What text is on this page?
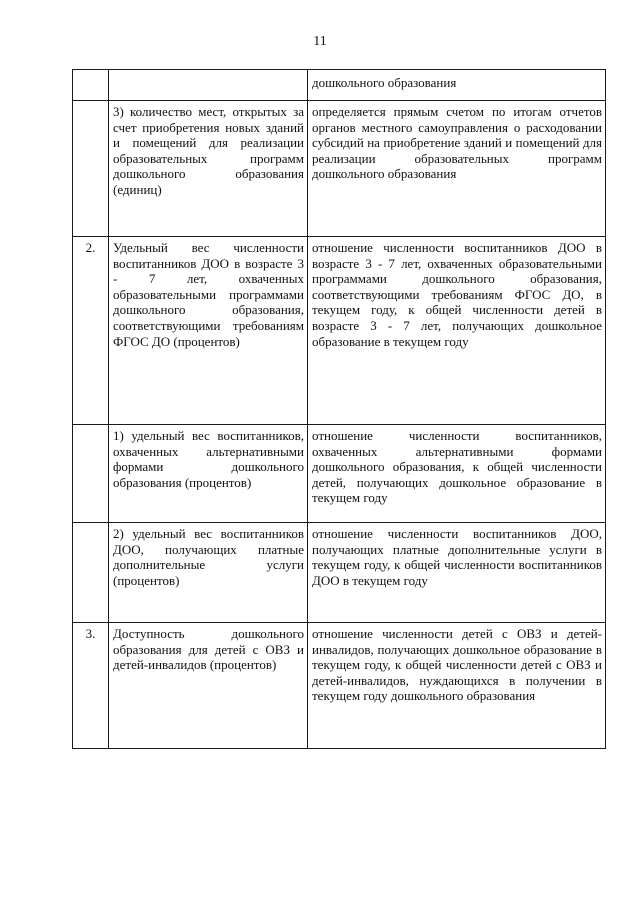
11
		дошкольного образования
	3) количество мест, открытых за счет приобретения новых зданий и помещений для реализации образовательных программ дошкольного образования (единиц)	определяется прямым счетом по итогам отчетов органов местного самоуправления о расходовании субсидий на приобретение зданий и помещений для реализации образовательных программ дошкольного образования
2.	Удельный вес численности воспитанников ДОО в возрасте 3 - 7 лет, охваченных образовательными программами дошкольного образования, соответствующими требованиям ФГОС ДО (процентов)	отношение численности воспитанников ДОО в возрасте 3 - 7 лет, охваченных образовательными программами дошкольного образования, соответствующими требованиям ФГОС ДО, в текущем году, к общей численности детей в возрасте 3 - 7 лет, получающих дошкольное образование в текущем году
	1) удельный вес воспитанников, охваченных альтернативными формами дошкольного образования (процентов)	отношение численности воспитанников, охваченных альтернативными формами дошкольного образования, к общей численности детей, получающих дошкольное образование в текущем году
	2) удельный вес воспитанников ДОО, получающих платные дополнительные услуги (процентов)	отношение численности воспитанников ДОО, получающих платные дополнительные услуги в текущем году, к общей численности воспитанников ДОО в текущем году
3.	Доступность дошкольного образования для детей с ОВЗ и детей-инвалидов (процентов)	отношение численности детей с ОВЗ и детей-инвалидов, получающих дошкольное образование в текущем году, к общей численности детей с ОВЗ и детей-инвалидов, нуждающихся в получении в текущем году дошкольного образования
